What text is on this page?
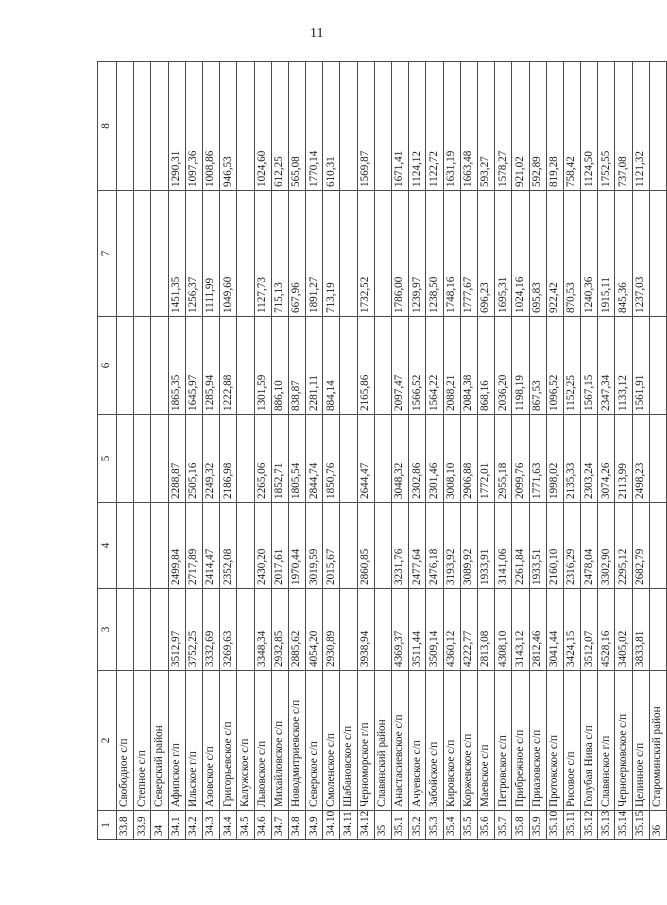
11
1	2	3	4	5	6	7	8
33.8	Свободное с/п						
33.9	Степное с/п						
34	Северский район						
34.1	Афипское г/п	3512,97	2499,84	2288,87	1865,35	1451,35	1290,31
34.2	Ильское г/п	3752,25	2717,89	2505,16	1645,97	1256,37	1097,36
34.3	Азовское с/п	3332,69	2414,47	2249,32	1285,94	1111,99	1008,86
34.4	Григорьевское с/п	3269,63	2352,08	2186,98	1222,88	1049,60	946,53
34.5	Калужское с/п						
34.6	Львовское с/п	3348,34	2430,20	2265,06	1301,59	1127,73	1024,60
34.7	Михайловское с/п	2932,85	2017,61	1852,71	886,10	715,13	612,25
34.8	Новодмитриевское с/п	2885,62	1970,44	1805,54	838,87	667,96	565,08
34.9	Северское с/п	4054,20	3019,59	2844,74	2281,11	1891,27	1770,14
34.10	Смоленское с/п	2930,89	2015,67	1850,76	884,14	713,19	610,31
34.11	Шабановское с/п						
34.12	Черноморское г/п	3938,94	2860,85	2644,47	2165,86	1732,52	1569,87
35	Славянский район						
35.1	Анастасиевское с/п	4369,37	3231,76	3048,32	2097,47	1786,00	1671,41
35.2	Ачуевское с/п	3511,44	2477,64	2302,86	1566,52	1239,97	1124,12
35.3	Забойское с/п	3509,14	2476,18	2301,46	1564,22	1238,50	1122,72
35.4	Кировское с/п	4360,12	3193,92	3008,10	2088,21	1748,16	1631,19
35.5	Коржевское с/п	4222,77	3089,92	2906,88	2084,38	1777,67	1663,48
35.6	Маевское с/п	2813,08	1933,91	1772,01	868,16	696,23	593,27
35.7	Петровское с/п	4308,10	3141,06	2955,18	2036,20	1695,31	1578,27
35.8	Прибрежное с/п	3143,12	2261,84	2099,76	1198,19	1024,16	921,02
35.9	Приазовское с/п	2812,46	1933,51	1771,63	867,53	695,83	592,89
35.10	Протокское с/п	3041,44	2160,10	1998,02	1096,52	922,42	819,28
35.11	Рисовое с/п	3424,15	2316,29	2135,33	1152,25	870,53	758,42
35.12	Голубая Нива с/п	3512,07	2478,04	2303,24	1567,15	1240,36	1124,50
35.13	Славянское г/п	4528,16	3302,90	3074,26	2347,34	1915,11	1752,55
35.14	Черноерковское с/п	3405,02	2295,12	2113,99	1133,12	845,36	737,08
35.15	Целинное с/п	3833,81	2682,79	2498,23	1561,91	1237,03	1121,32
36	Староминский район						
